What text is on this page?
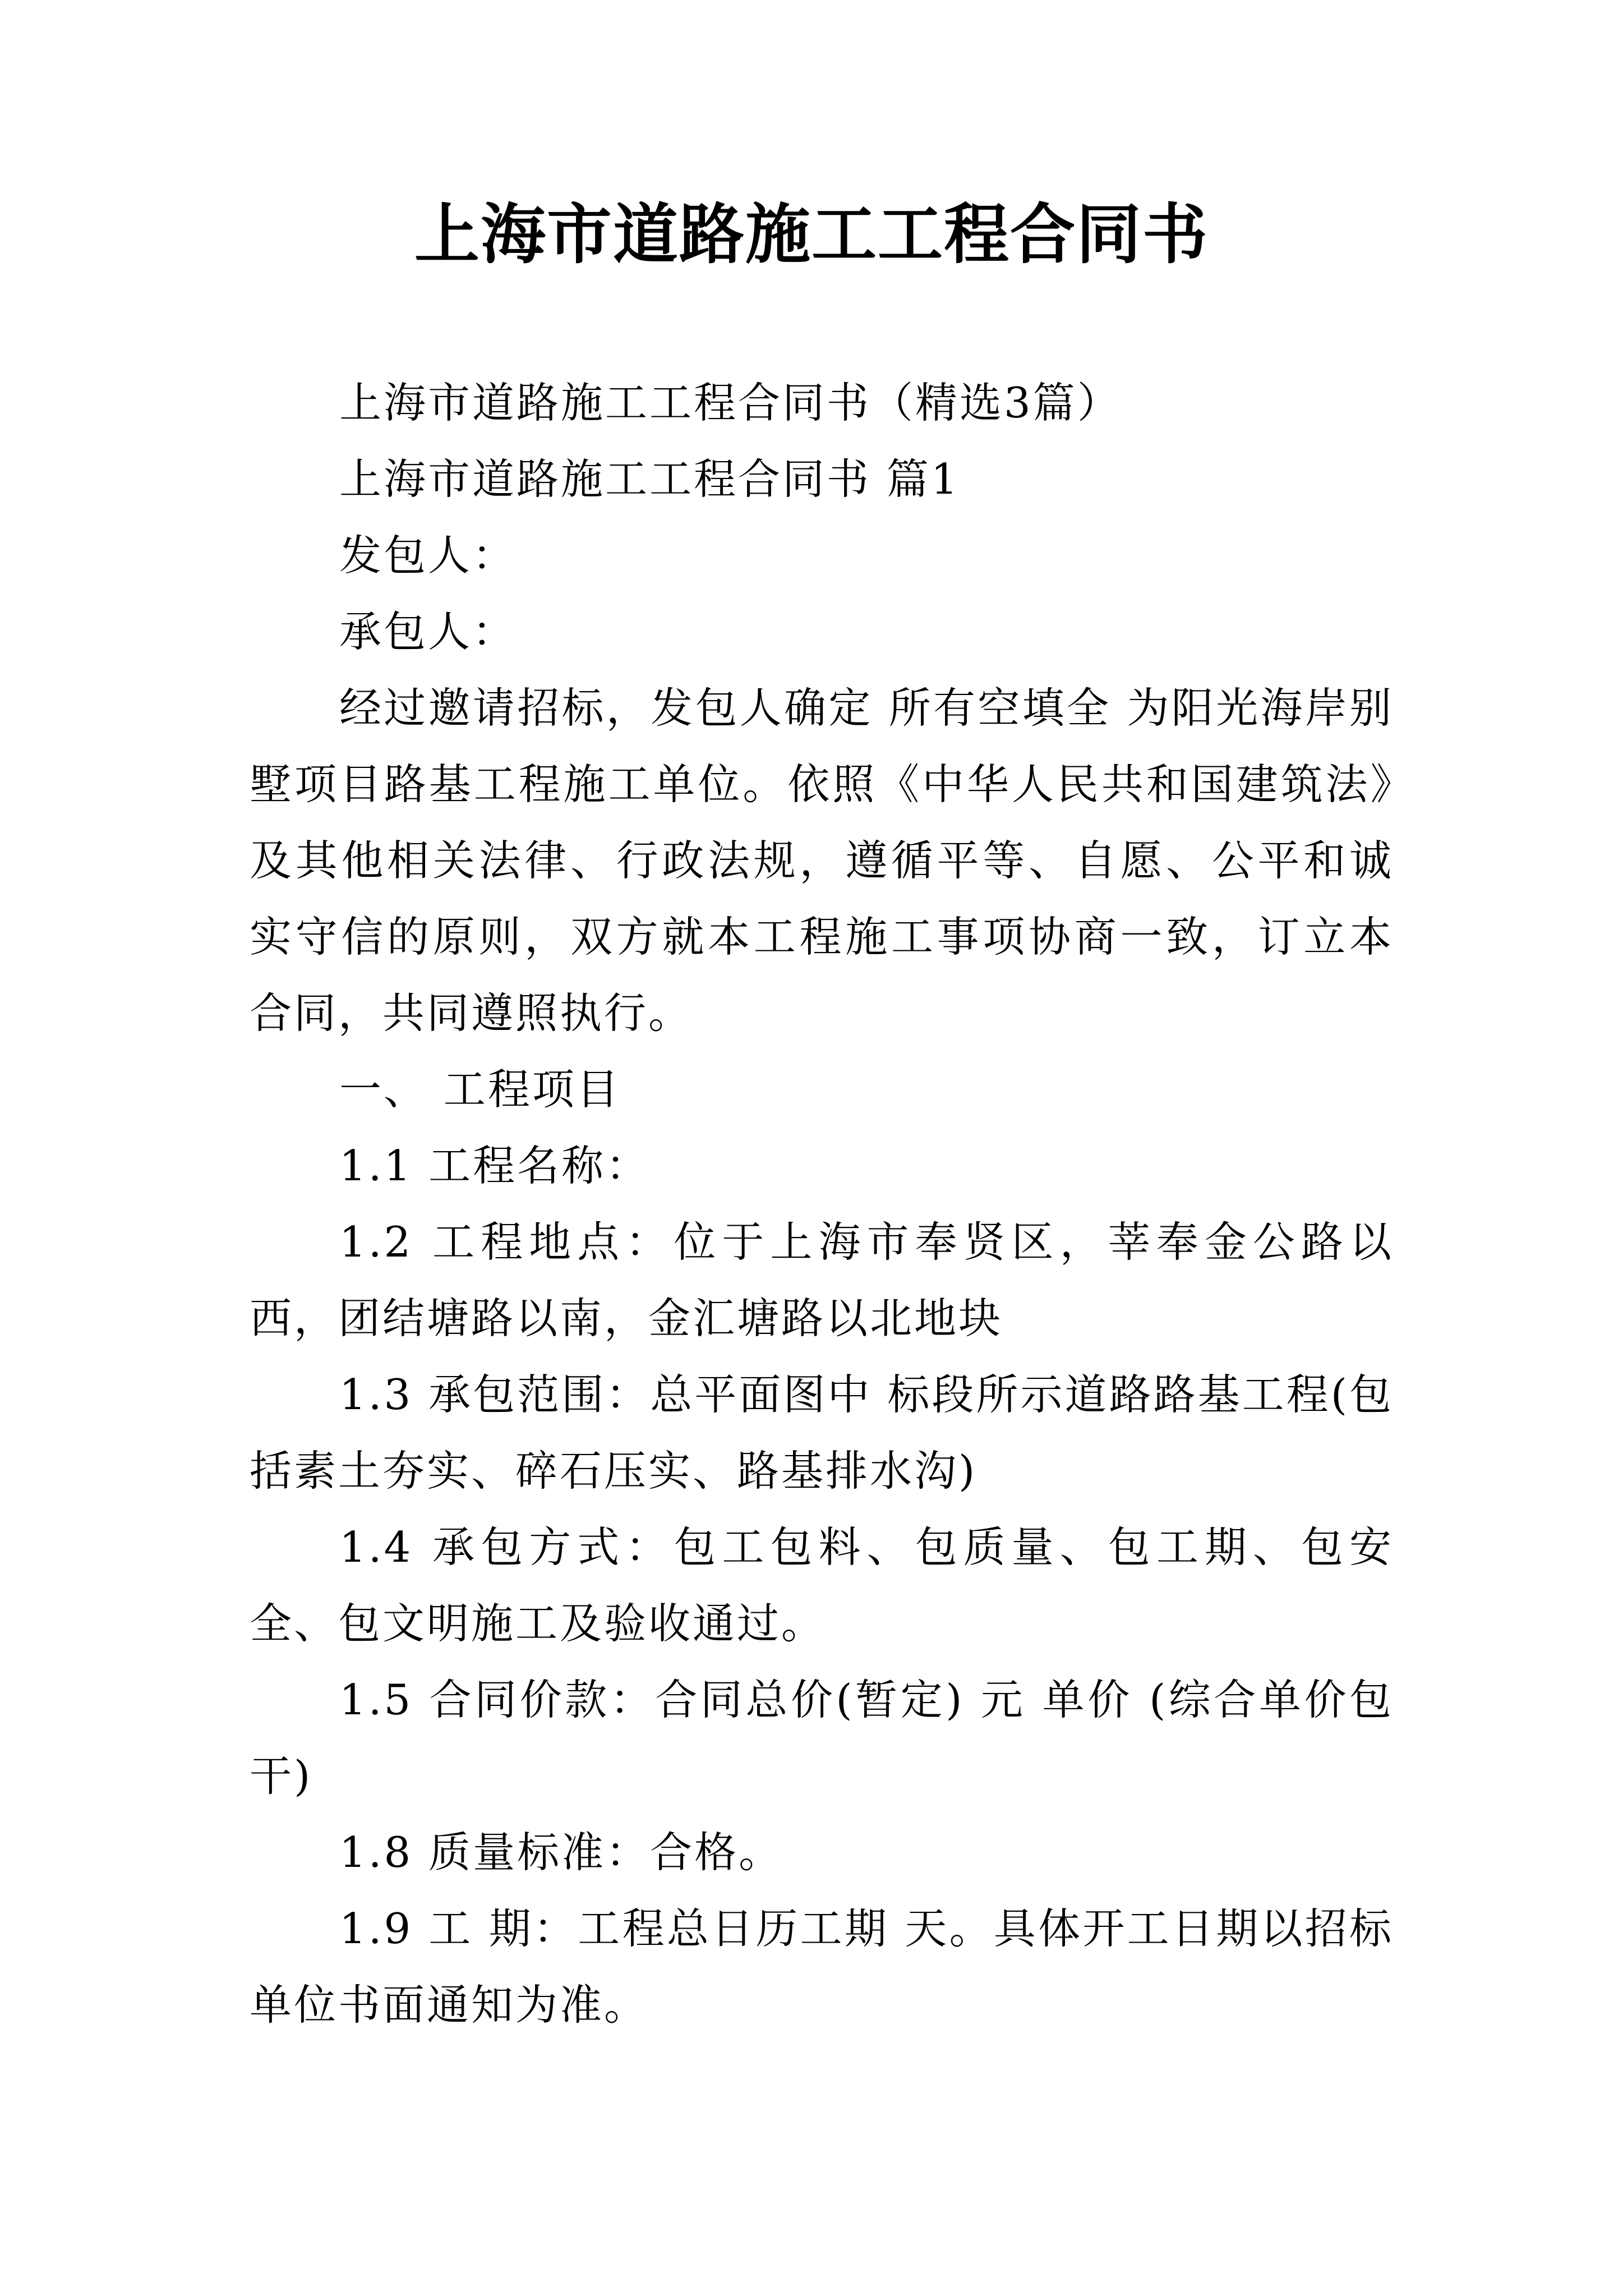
上海市道路施工工程合同书

上海市道路施工工程合同书（精选3篇）

上海市道路施工工程合同书 篇1

发包人：

承包人：

经过邀请招标，发包人确定 所有空填全 为阳光海岸别墅项目路基工程施工单位。依照《中华人民共和国建筑法》及其他相关法律、行政法规，遵循平等、自愿、公平和诚实守信的原则，双方就本工程施工事项协商一致，订立本合同，共同遵照执行。

一、 工程项目

1.1 工程名称：

1.2 工程地点：位于上海市奉贤区，莘奉金公路以西，团结塘路以南，金汇塘路以北地块

1.3 承包范围：总平面图中 标段所示道路路基工程(包括素土夯实、碎石压实、路基排水沟)

1.4 承包方式：包工包料、包质量、包工期、包安全、包文明施工及验收通过。

1.5 合同价款：合同总价(暂定) 元 单价 (综合单价包干)

1.8 质量标准：合格。

1.9 工 期：工程总日历工期 天。具体开工日期以招标单位书面通知为准。
